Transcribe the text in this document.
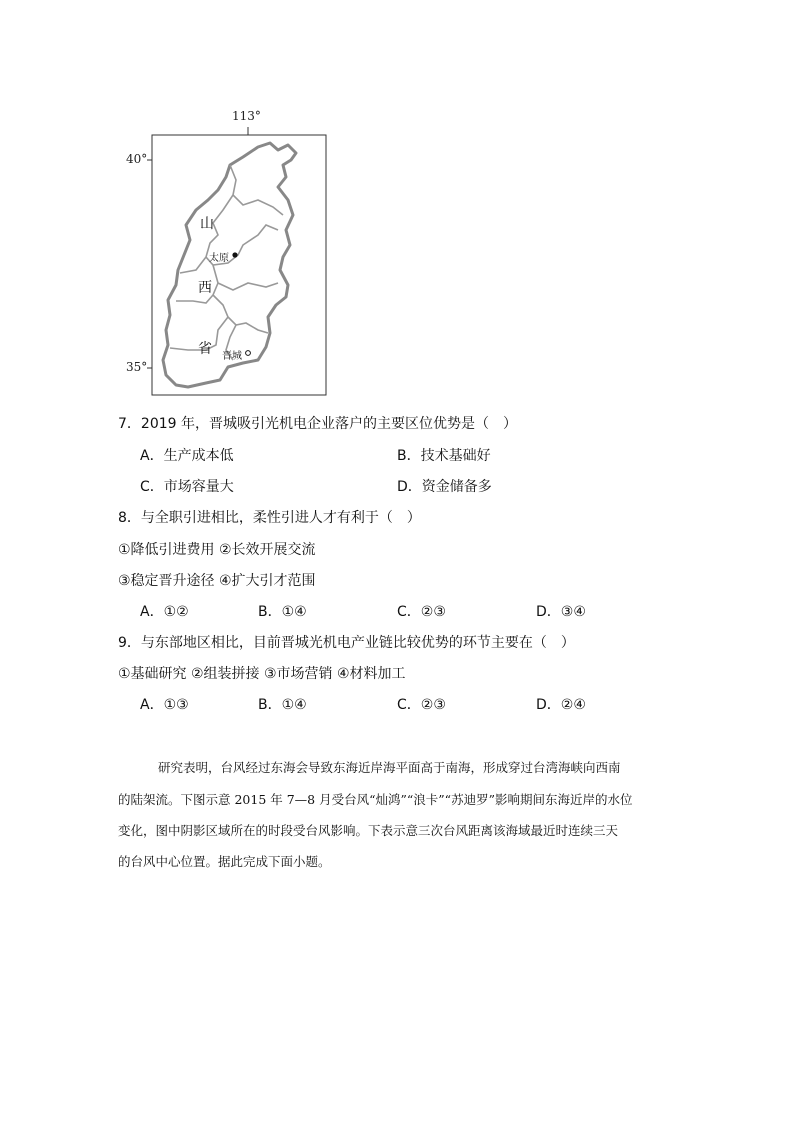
113°
40°
35°
山
西
省
太原
晋城
7．2019 年，晋城吸引光机电企业落户的主要区位优势是（　）
A．生产成本低	B．技术基础好
C．市场容量大	D．资金储备多
8．与全职引进相比，柔性引进人才有利于（　）
①降低引进费用 ②长效开展交流
③稳定晋升途径 ④扩大引才范围
A．①②	B．①④	C．②③	D．③④
9．与东部地区相比，目前晋城光机电产业链比较优势的环节主要在（　）
①基础研究 ②组装拼接 ③市场营销 ④材料加工
A．①③	B．①④	C．②③	D．②④
研究表明，台风经过东海会导致东海近岸海平面高于南海，形成穿过台湾海峡向西南
的陆架流。下图示意 2015 年 7—8 月受台风“灿鸿”“浪卡”“苏迪罗”影响期间东海近岸的水位
变化，图中阴影区域所在的时段受台风影响。下表示意三次台风距离该海域最近时连续三天
的台风中心位置。据此完成下面小题。
